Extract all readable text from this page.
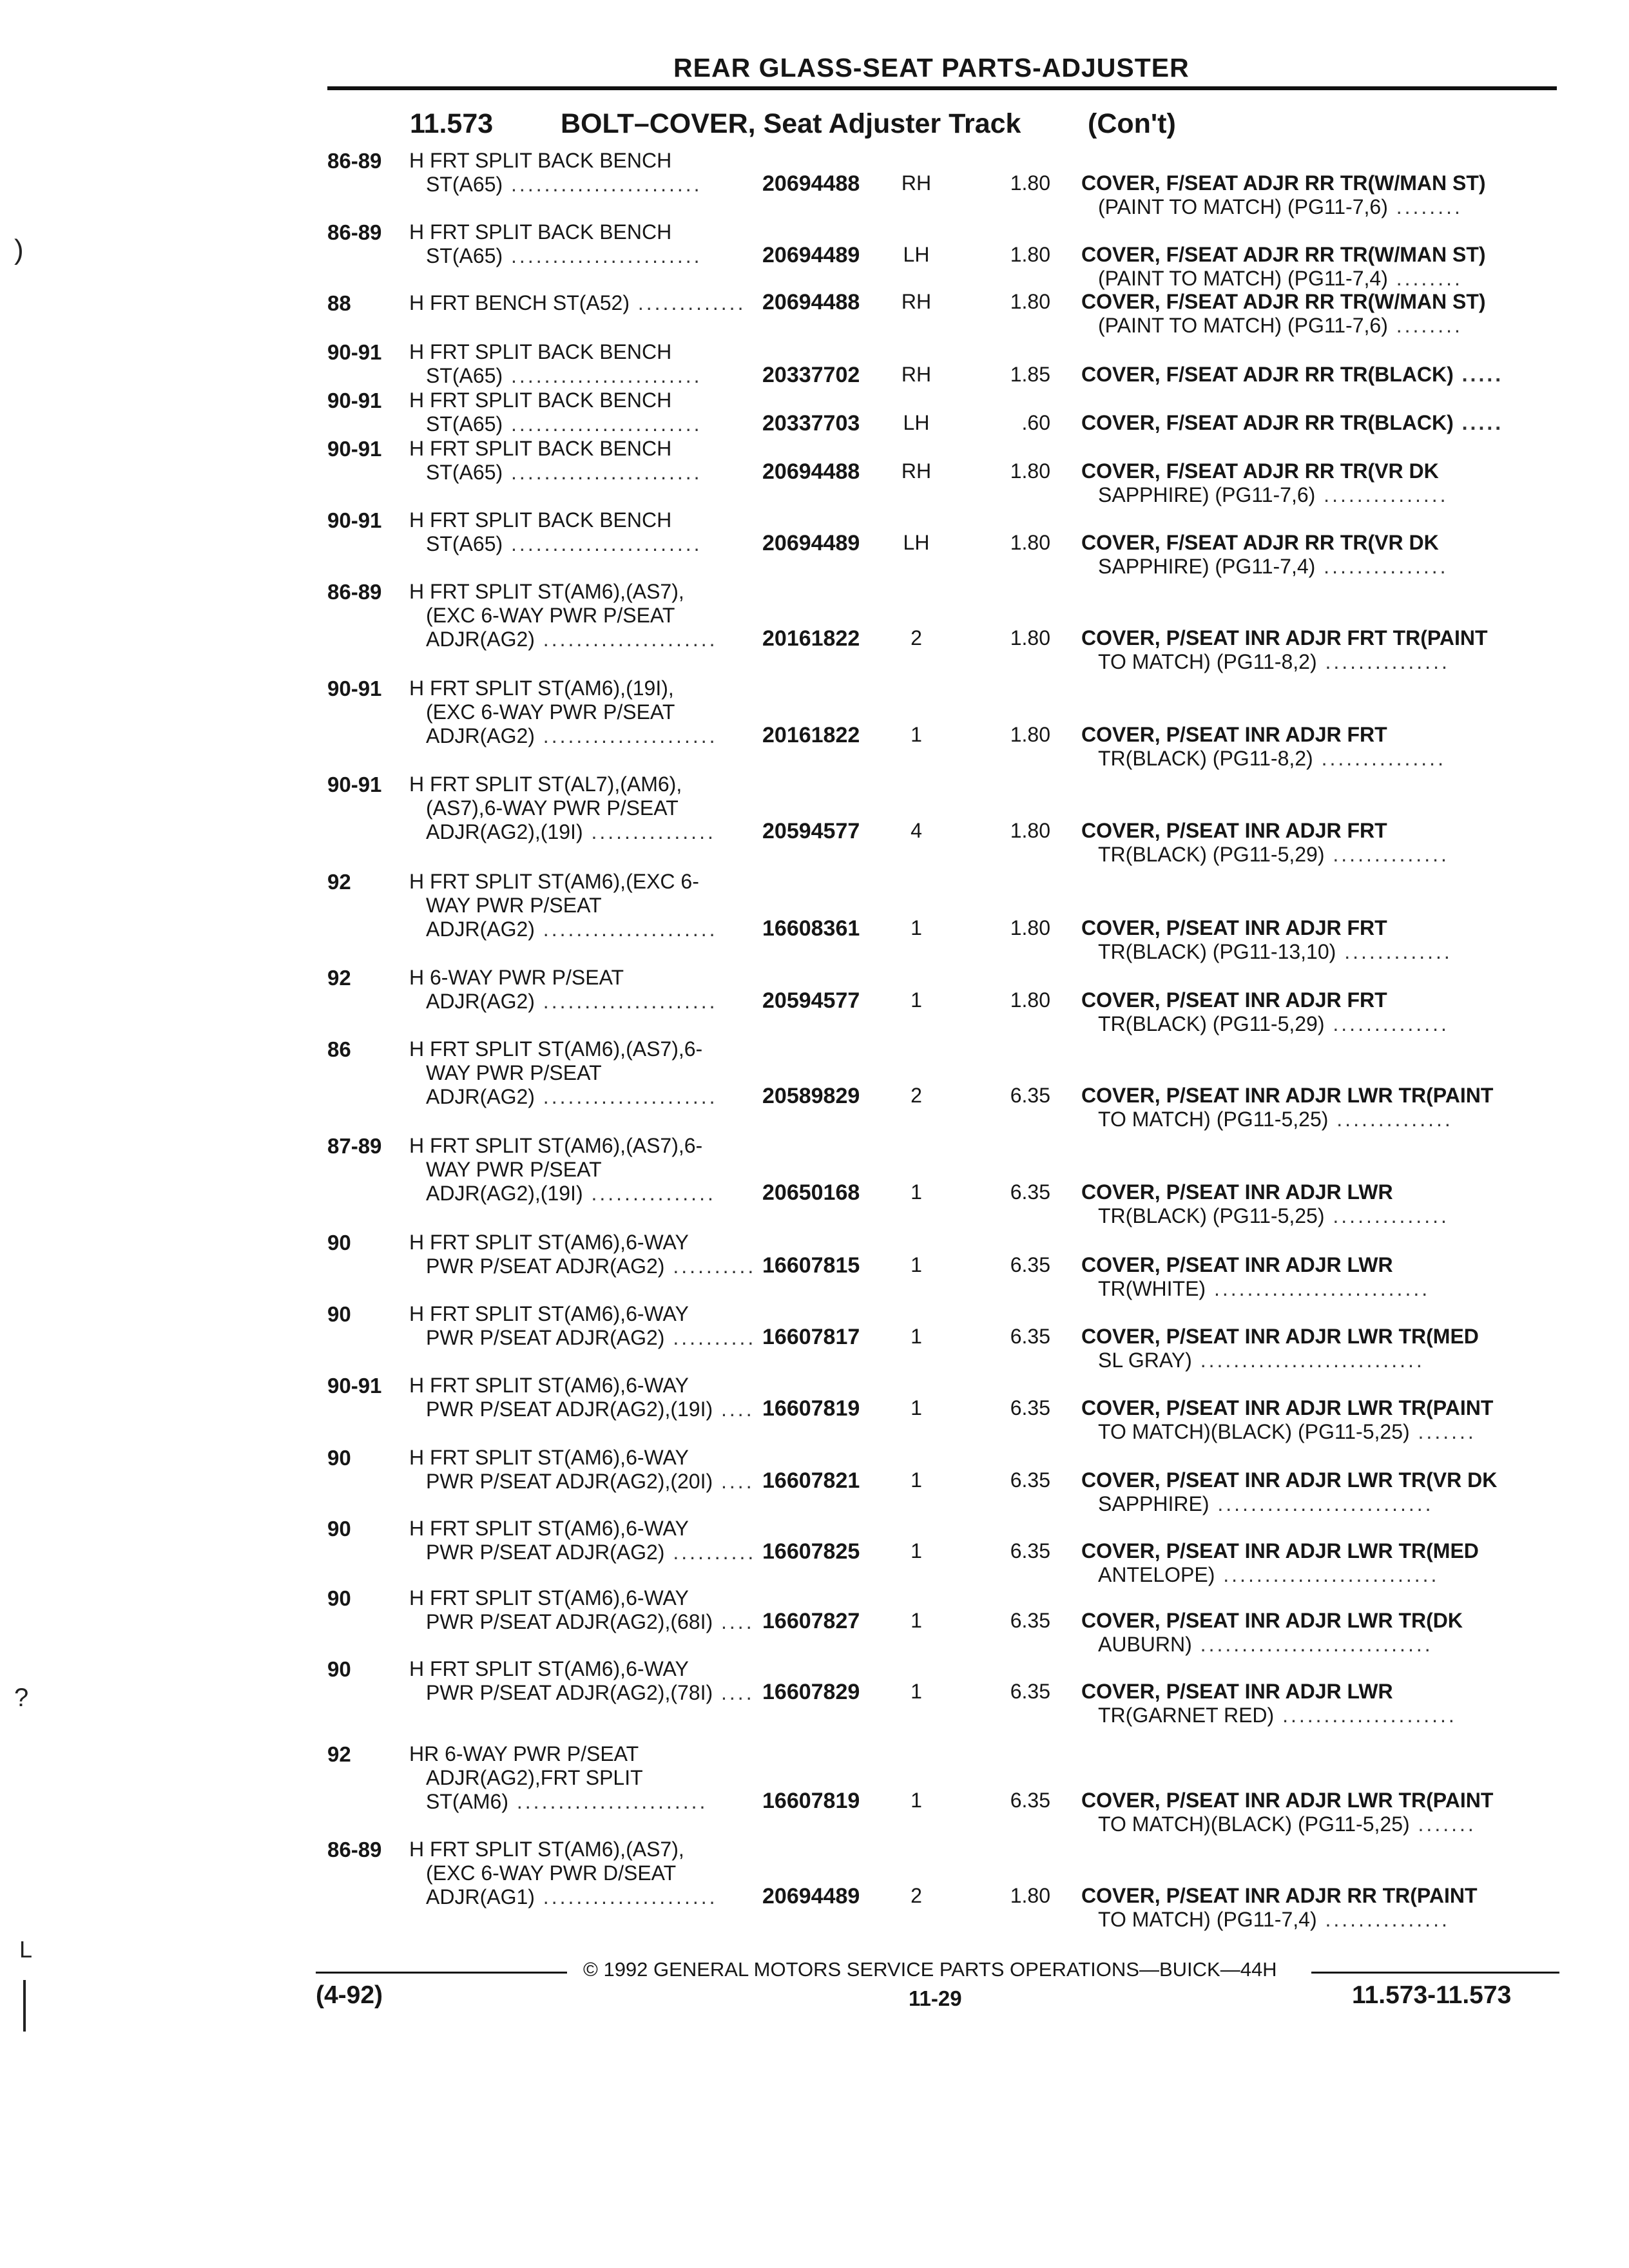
REAR GLASS-SEAT PARTS-ADJUSTER
11.573 BOLT–COVER, Seat Adjuster Track (Con't)
86-89 H FRT SPLIT BACK BENCH
ST(A65) .......................	20694488	RH	1.80 COVER, F/SEAT ADJR RR TR(W/MAN ST)
(PAINT TO MATCH) (PG11-7,6) ........
86-89 H FRT SPLIT BACK BENCH
ST(A65) .......................	20694489	LH	1.80 COVER, F/SEAT ADJR RR TR(W/MAN ST)
(PAINT TO MATCH) (PG11-7,4) ........
88	H FRT BENCH ST(A52) ............. 20694488	RH	1.80 COVER, F/SEAT ADJR RR TR(W/MAN ST)
(PAINT TO MATCH) (PG11-7,6) ........
90-91 H FRT SPLIT BACK BENCH
ST(A65) .......................	20337702	RH	1.85 COVER, F/SEAT ADJR RR TR(BLACK) .....
90-91 H FRT SPLIT BACK BENCH
ST(A65) .......................	20337703	LH	.60 COVER, F/SEAT ADJR RR TR(BLACK) .....
90-91 H FRT SPLIT BACK BENCH
ST(A65) .......................	20694488	RH	1.80 COVER, F/SEAT ADJR RR TR(VR DK
SAPPHIRE) (PG11-7,6) ...............
90-91 H FRT SPLIT BACK BENCH
ST(A65) .......................	20694489	LH	1.80 COVER, F/SEAT ADJR RR TR(VR DK
SAPPHIRE) (PG11-7,4) ...............
86-89 H FRT SPLIT ST(AM6),(AS7),
(EXC 6-WAY PWR P/SEAT
ADJR(AG2) ..................... 20161822	2	1.80 COVER, P/SEAT INR ADJR FRT TR(PAINT
TO MATCH) (PG11-8,2) ...............
90-91 H FRT SPLIT ST(AM6),(19I),
(EXC 6-WAY PWR P/SEAT
ADJR(AG2) ..................... 20161822	1	1.80 COVER, P/SEAT INR ADJR FRT
TR(BLACK) (PG11-8,2) ...............
90-91 H FRT SPLIT ST(AL7),(AM6),
(AS7),6-WAY PWR P/SEAT
ADJR(AG2),(19I) ............... 20594577	4	1.80 COVER, P/SEAT INR ADJR FRT
TR(BLACK) (PG11-5,29) ..............
92	H FRT SPLIT ST(AM6),(EXC 6-
WAY PWR P/SEAT
ADJR(AG2) ..................... 16608361	1	1.80 COVER, P/SEAT INR ADJR FRT
TR(BLACK) (PG11-13,10) .............
92	H 6-WAY PWR P/SEAT
ADJR(AG2) ..................... 20594577	1	1.80 COVER, P/SEAT INR ADJR FRT
TR(BLACK) (PG11-5,29) ..............
86	H FRT SPLIT ST(AM6),(AS7),6-
WAY PWR P/SEAT
ADJR(AG2) ..................... 20589829	2	6.35 COVER, P/SEAT INR ADJR LWR TR(PAINT
TO MATCH) (PG11-5,25) ..............
87-89 H FRT SPLIT ST(AM6),(AS7),6-
WAY PWR P/SEAT
ADJR(AG2),(19I) ............... 20650168	1	6.35 COVER, P/SEAT INR ADJR LWR
TR(BLACK) (PG11-5,25) ..............
90	H FRT SPLIT ST(AM6),6-WAY
PWR P/SEAT ADJR(AG2) .......... 16607815	1	6.35 COVER, P/SEAT INR ADJR LWR
TR(WHITE) ..........................
90	H FRT SPLIT ST(AM6),6-WAY
PWR P/SEAT ADJR(AG2) .......... 16607817	1	6.35 COVER, P/SEAT INR ADJR LWR TR(MED
SL GRAY) ...........................
90-91 H FRT SPLIT ST(AM6),6-WAY
PWR P/SEAT ADJR(AG2),(19I) .... 16607819	1	6.35 COVER, P/SEAT INR ADJR LWR TR(PAINT
TO MATCH)(BLACK) (PG11-5,25) .......
90	H FRT SPLIT ST(AM6),6-WAY
PWR P/SEAT ADJR(AG2),(20I) .... 16607821	1	6.35 COVER, P/SEAT INR ADJR LWR TR(VR DK
SAPPHIRE) ..........................
90	H FRT SPLIT ST(AM6),6-WAY
PWR P/SEAT ADJR(AG2) .......... 16607825	1	6.35 COVER, P/SEAT INR ADJR LWR TR(MED
ANTELOPE) ..........................
90	H FRT SPLIT ST(AM6),6-WAY
PWR P/SEAT ADJR(AG2),(68I) .... 16607827	1	6.35 COVER, P/SEAT INR ADJR LWR TR(DK
AUBURN) ............................
90	H FRT SPLIT ST(AM6),6-WAY
PWR P/SEAT ADJR(AG2),(78I) .... 16607829	1	6.35 COVER, P/SEAT INR ADJR LWR
TR(GARNET RED) .....................
92	HR 6-WAY PWR P/SEAT
ADJR(AG2),FRT SPLIT
ST(AM6) ....................... 16607819	1	6.35 COVER, P/SEAT INR ADJR LWR TR(PAINT
TO MATCH)(BLACK) (PG11-5,25) .......
86-89 H FRT SPLIT ST(AM6),(AS7),
(EXC 6-WAY PWR D/SEAT
ADJR(AG1) ..................... 20694489	2	1.80 COVER, P/SEAT INR ADJR RR TR(PAINT
TO MATCH) (PG11-7,4) ...............
© 1992 GENERAL MOTORS SERVICE PARTS OPERATIONS—BUICK—44H
(4-92)	11-29	11.573-11.573
)
?
L
